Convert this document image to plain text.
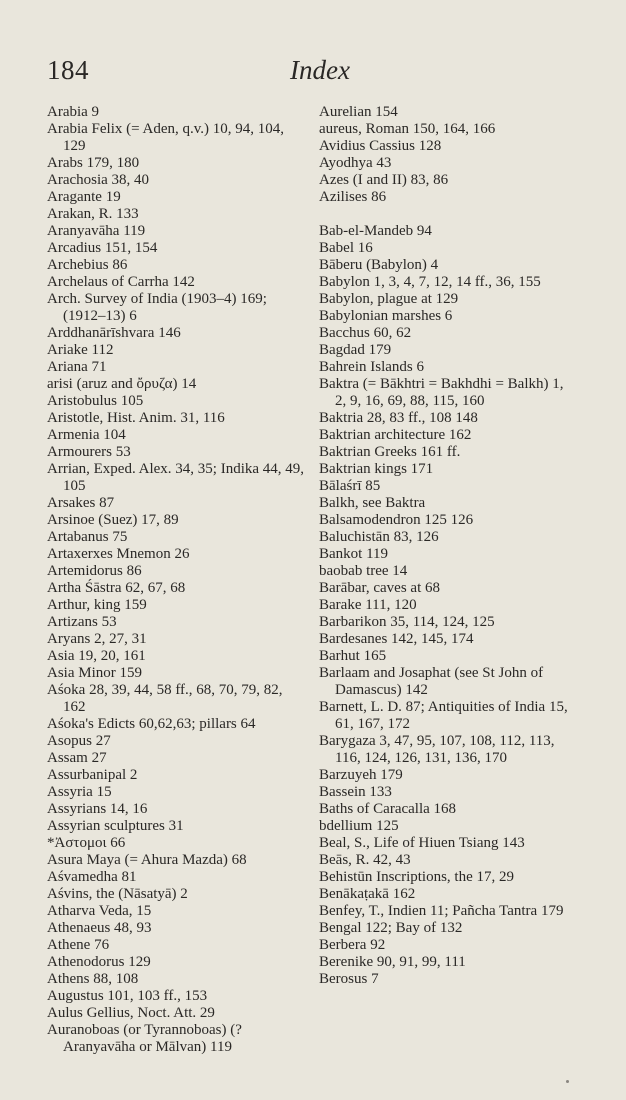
184	Index
Arabia 9
Arabia Felix (= Aden, q.v.) 10, 94, 104, 129
Arabs 179, 180
Arachosia 38, 40
Aragante 19
Arakan, R. 133
Aranyavāha 119
Arcadius 151, 154
Archebius 86
Archelaus of Carrha 142
Arch. Survey of India (1903–4) 169; (1912–13) 6
Arddhanārīshvara 146
Ariake 112
Ariana 71
arisi (aruz and ὄρυζα) 14
Aristobulus 105
Aristotle, Hist. Anim. 31, 116
Armenia 104
Armourers 53
Arrian, Exped. Alex. 34, 35; Indika 44, 49, 105
Arsakes 87
Arsinoe (Suez) 17, 89
Artabanus 75
Artaxerxes Mnemon 26
Artemidorus 86
Artha Śāstra 62, 67, 68
Arthur, king 159
Artizans 53
Aryans 2, 27, 31
Asia 19, 20, 161
Asia Minor 159
Aśoka 28, 39, 44, 58 ff., 68, 70, 79, 82, 162
Aśoka's Edicts 60,62,63; pillars 64
Asopus 27
Assam 27
Assurbanipal 2
Assyria 15
Assyrians 14, 16
Assyrian sculptures 31
*Ἀστομοι 66
Asura Maya (= Ahura Mazda) 68
Aśvamedha 81
Aśvins, the (Nāsatyā) 2
Atharva Veda, 15
Athenaeus 48, 93
Athene 76
Athenodorus 129
Athens 88, 108
Augustus 101, 103 ff., 153
Aulus Gellius, Noct. Att. 29
Auranoboas (or Tyrannoboas) (?Aranyavāha or Mālvan) 119
Aurelian 154
aureus, Roman 150, 164, 166
Avidius Cassius 128
Ayodhya 43
Azes (I and II) 83, 86
Azilises 86
Bab-el-Mandeb 94
Babel 16
Bāberu (Babylon) 4
Babylon 1, 3, 4, 7, 12, 14 ff., 36, 155
Babylon, plague at 129
Babylonian marshes 6
Bacchus 60, 62
Bagdad 179
Bahrein Islands 6
Baktra (= Bākhtri = Bakhdhi = Balkh) 1, 2, 9, 16, 69, 88, 115, 160
Baktria 28, 83 ff., 108 148
Baktrian architecture 162
Baktrian Greeks 161 ff.
Baktrian kings 171
Bālaśrī 85
Balkh, see Baktra
Balsamodendron 125 126
Baluchistān 83, 126
Bankot 119
baobab tree 14
Barābar, caves at 68
Barake 111, 120
Barbarikon 35, 114, 124, 125
Bardesanes 142, 145, 174
Barhut 165
Barlaam and Josaphat (see St John of Damascus) 142
Barnett, L. D. 87; Antiquities of India 15, 61, 167, 172
Barygaza 3, 47, 95, 107, 108, 112, 113, 116, 124, 126, 131, 136, 170
Barzuyeh 179
Bassein 133
Baths of Caracalla 168
bdellium 125
Beal, S., Life of Hiuen Tsiang 143
Beās, R. 42, 43
Behistūn Inscriptions, the 17, 29
Benākaṭakā 162
Benfey, T., Indien 11; Pañcha Tantra 179
Bengal 122; Bay of 132
Berbera 92
Berenike 90, 91, 99, 111
Berosus 7
